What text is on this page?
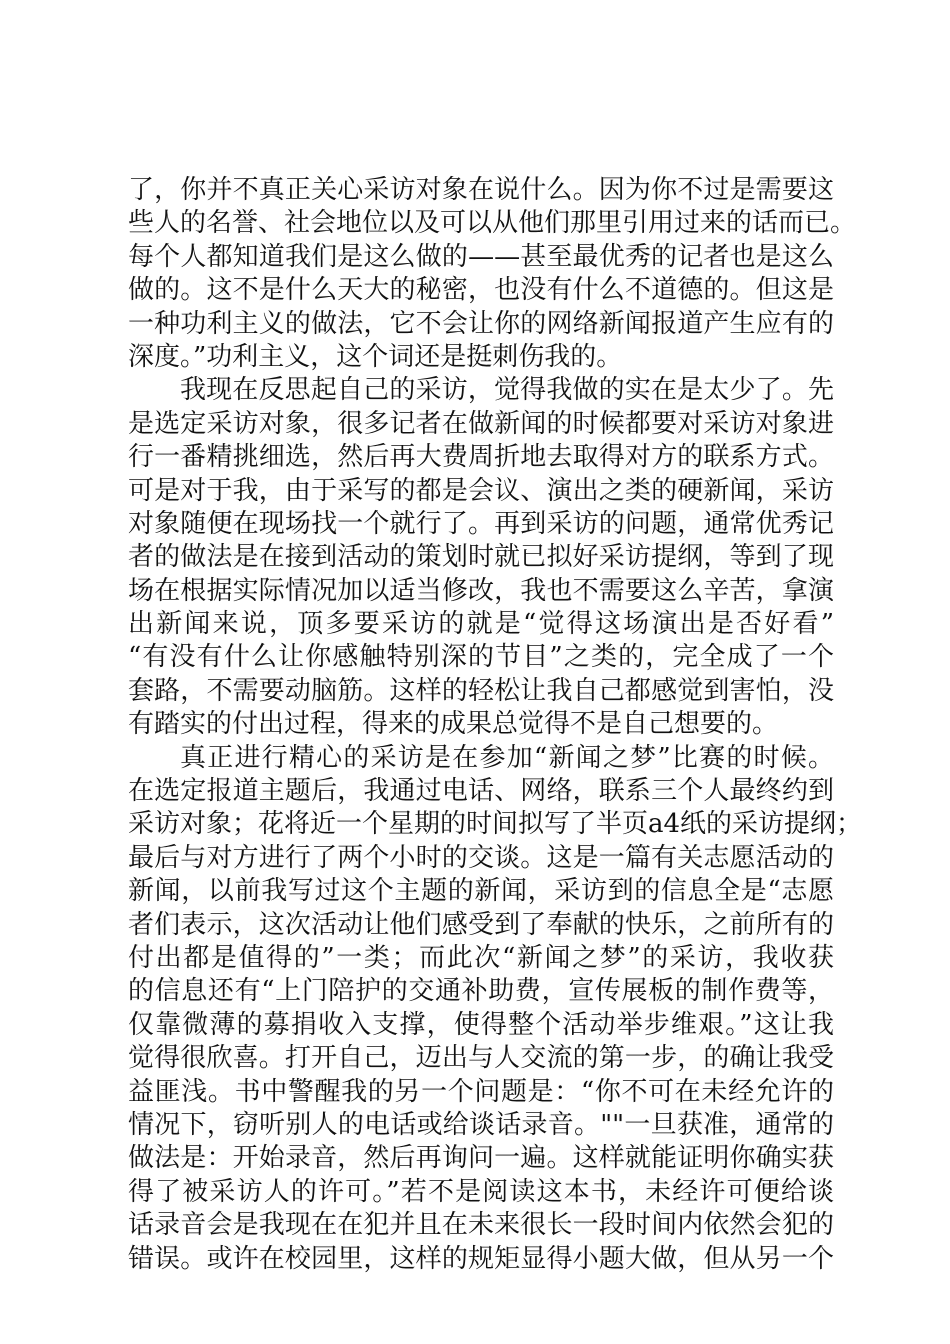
了，你并不真正关心采访对象在说什么。因为你不过是需要这
些人的名誉、社会地位以及可以从他们那里引用过来的话而已。
每个人都知道我们是这么做的——甚至最优秀的记者也是这么
做的。这不是什么天大的秘密，也没有什么不道德的。但这是
一种功利主义的做法，它不会让你的网络新闻报道产生应有的
深度。”功利主义，这个词还是挺刺伤我的。
我现在反思起自己的采访，觉得我做的实在是太少了。先
是选定采访对象，很多记者在做新闻的时候都要对采访对象进
行一番精挑细选，然后再大费周折地去取得对方的联系方式。
可是对于我，由于采写的都是会议、演出之类的硬新闻，采访
对象随便在现场找一个就行了。再到采访的问题，通常优秀记
者的做法是在接到活动的策划时就已拟好采访提纲，等到了现
场在根据实际情况加以适当修改，我也不需要这么辛苦，拿演
出新闻来说，顶多要采访的就是“觉得这场演出是否好看”
“有没有什么让你感触特别深的节目”之类的，完全成了一个
套路，不需要动脑筋。这样的轻松让我自己都感觉到害怕，没
有踏实的付出过程，得来的成果总觉得不是自己想要的。
真正进行精心的采访是在参加“新闻之梦”比赛的时候。
在选定报道主题后，我通过电话、网络，联系三个人最终约到
采访对象；花将近一个星期的时间拟写了半页a4纸的采访提纲；
最后与对方进行了两个小时的交谈。这是一篇有关志愿活动的
新闻，以前我写过这个主题的新闻，采访到的信息全是“志愿
者们表示，这次活动让他们感受到了奉献的快乐，之前所有的
付出都是值得的”一类；而此次“新闻之梦”的采访，我收获
的信息还有“上门陪护的交通补助费，宣传展板的制作费等，
仅靠微薄的募捐收入支撑，使得整个活动举步维艰。”这让我
觉得很欣喜。打开自己，迈出与人交流的第一步，的确让我受
益匪浅。书中警醒我的另一个问题是：“你不可在未经允许的
情况下，窃听别人的电话或给谈话录音。""一旦获准，通常的
做法是：开始录音，然后再询问一遍。这样就能证明你确实获
得了被采访人的许可。”若不是阅读这本书，未经许可便给谈
话录音会是我现在在犯并且在未来很长一段时间内依然会犯的
错误。或许在校园里，这样的规矩显得小题大做，但从另一个
